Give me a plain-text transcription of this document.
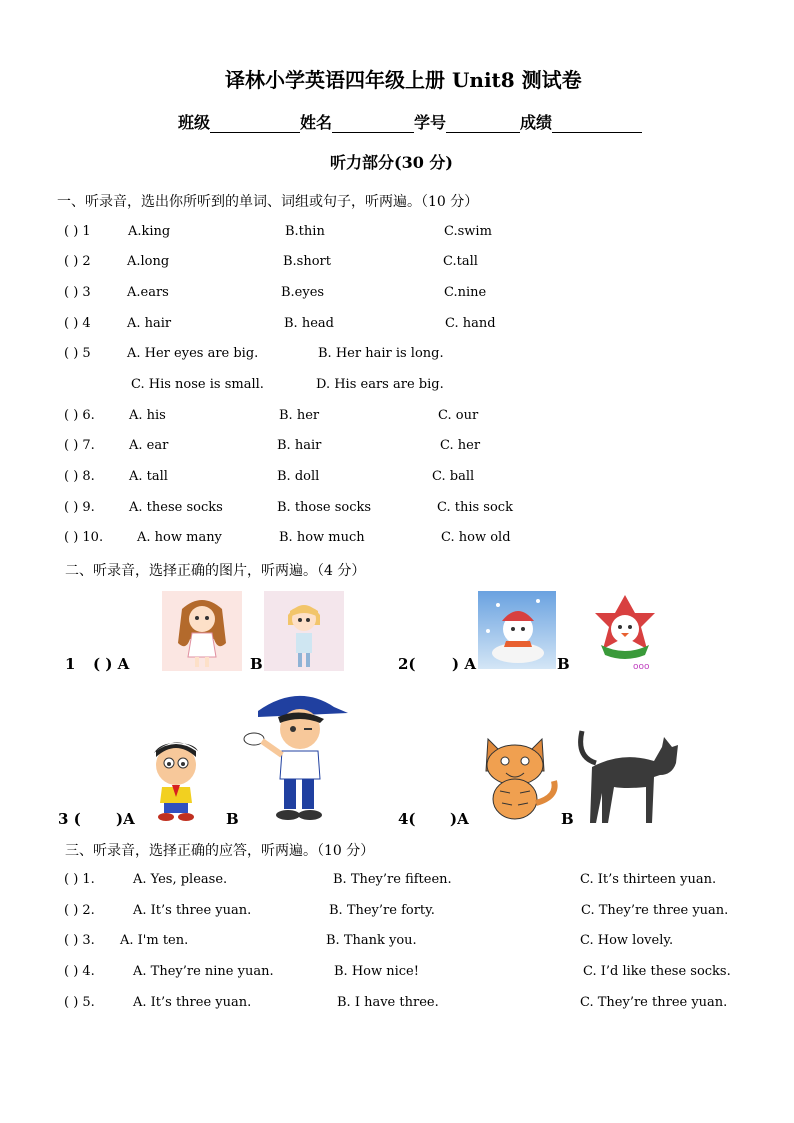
译林小学英语四年级上册 Unit8 测试卷
班级	姓名	学号	成绩
听力部分(30 分)
一、听录音，选出你所听到的单词、词组或句子，听两遍。（10 分）
( ) 1	A.king	B.thin	C.swim
( ) 2	A.long	B.short	C.tall
( ) 3	A.ears	B.eyes	C.nine
( ) 4	A. hair	B. head	C. hand
( ) 5	A. Her eyes are big.	B. Her hair is long.
C. His nose is small.	D. His ears are big.
( ) 6.	A. his	B. her	C. our
( ) 7.	A. ear	B. hair	C. her
( ) 8.	A. tall	B. doll	C. ball
( ) 9.	A. these socks	B. those socks	C. this sock
( ) 10.	A. how many	B. how much	C. how old
二、听录音，选择正确的图片，听两遍。（4 分）
ooo
1 ( ) A	B	2( ) A	B
3 ( )A	B	4( )A	B
三、听录音，选择正确的应答，听两遍。（10 分）
( ) 1.	A. Yes, please.	B. They’re fifteen.	C. It’s thirteen yuan.
( ) 2.	A. It’s three yuan.	B. They’re forty.	C. They’re three yuan.
( ) 3. A. I'm ten.	B. Thank you.	C. How lovely.
( ) 4.	A. They’re nine yuan.	B. How nice!	C. I’d like these socks.
( ) 5.	A. It’s three yuan.	B. I have three.	C. They’re three yuan.
